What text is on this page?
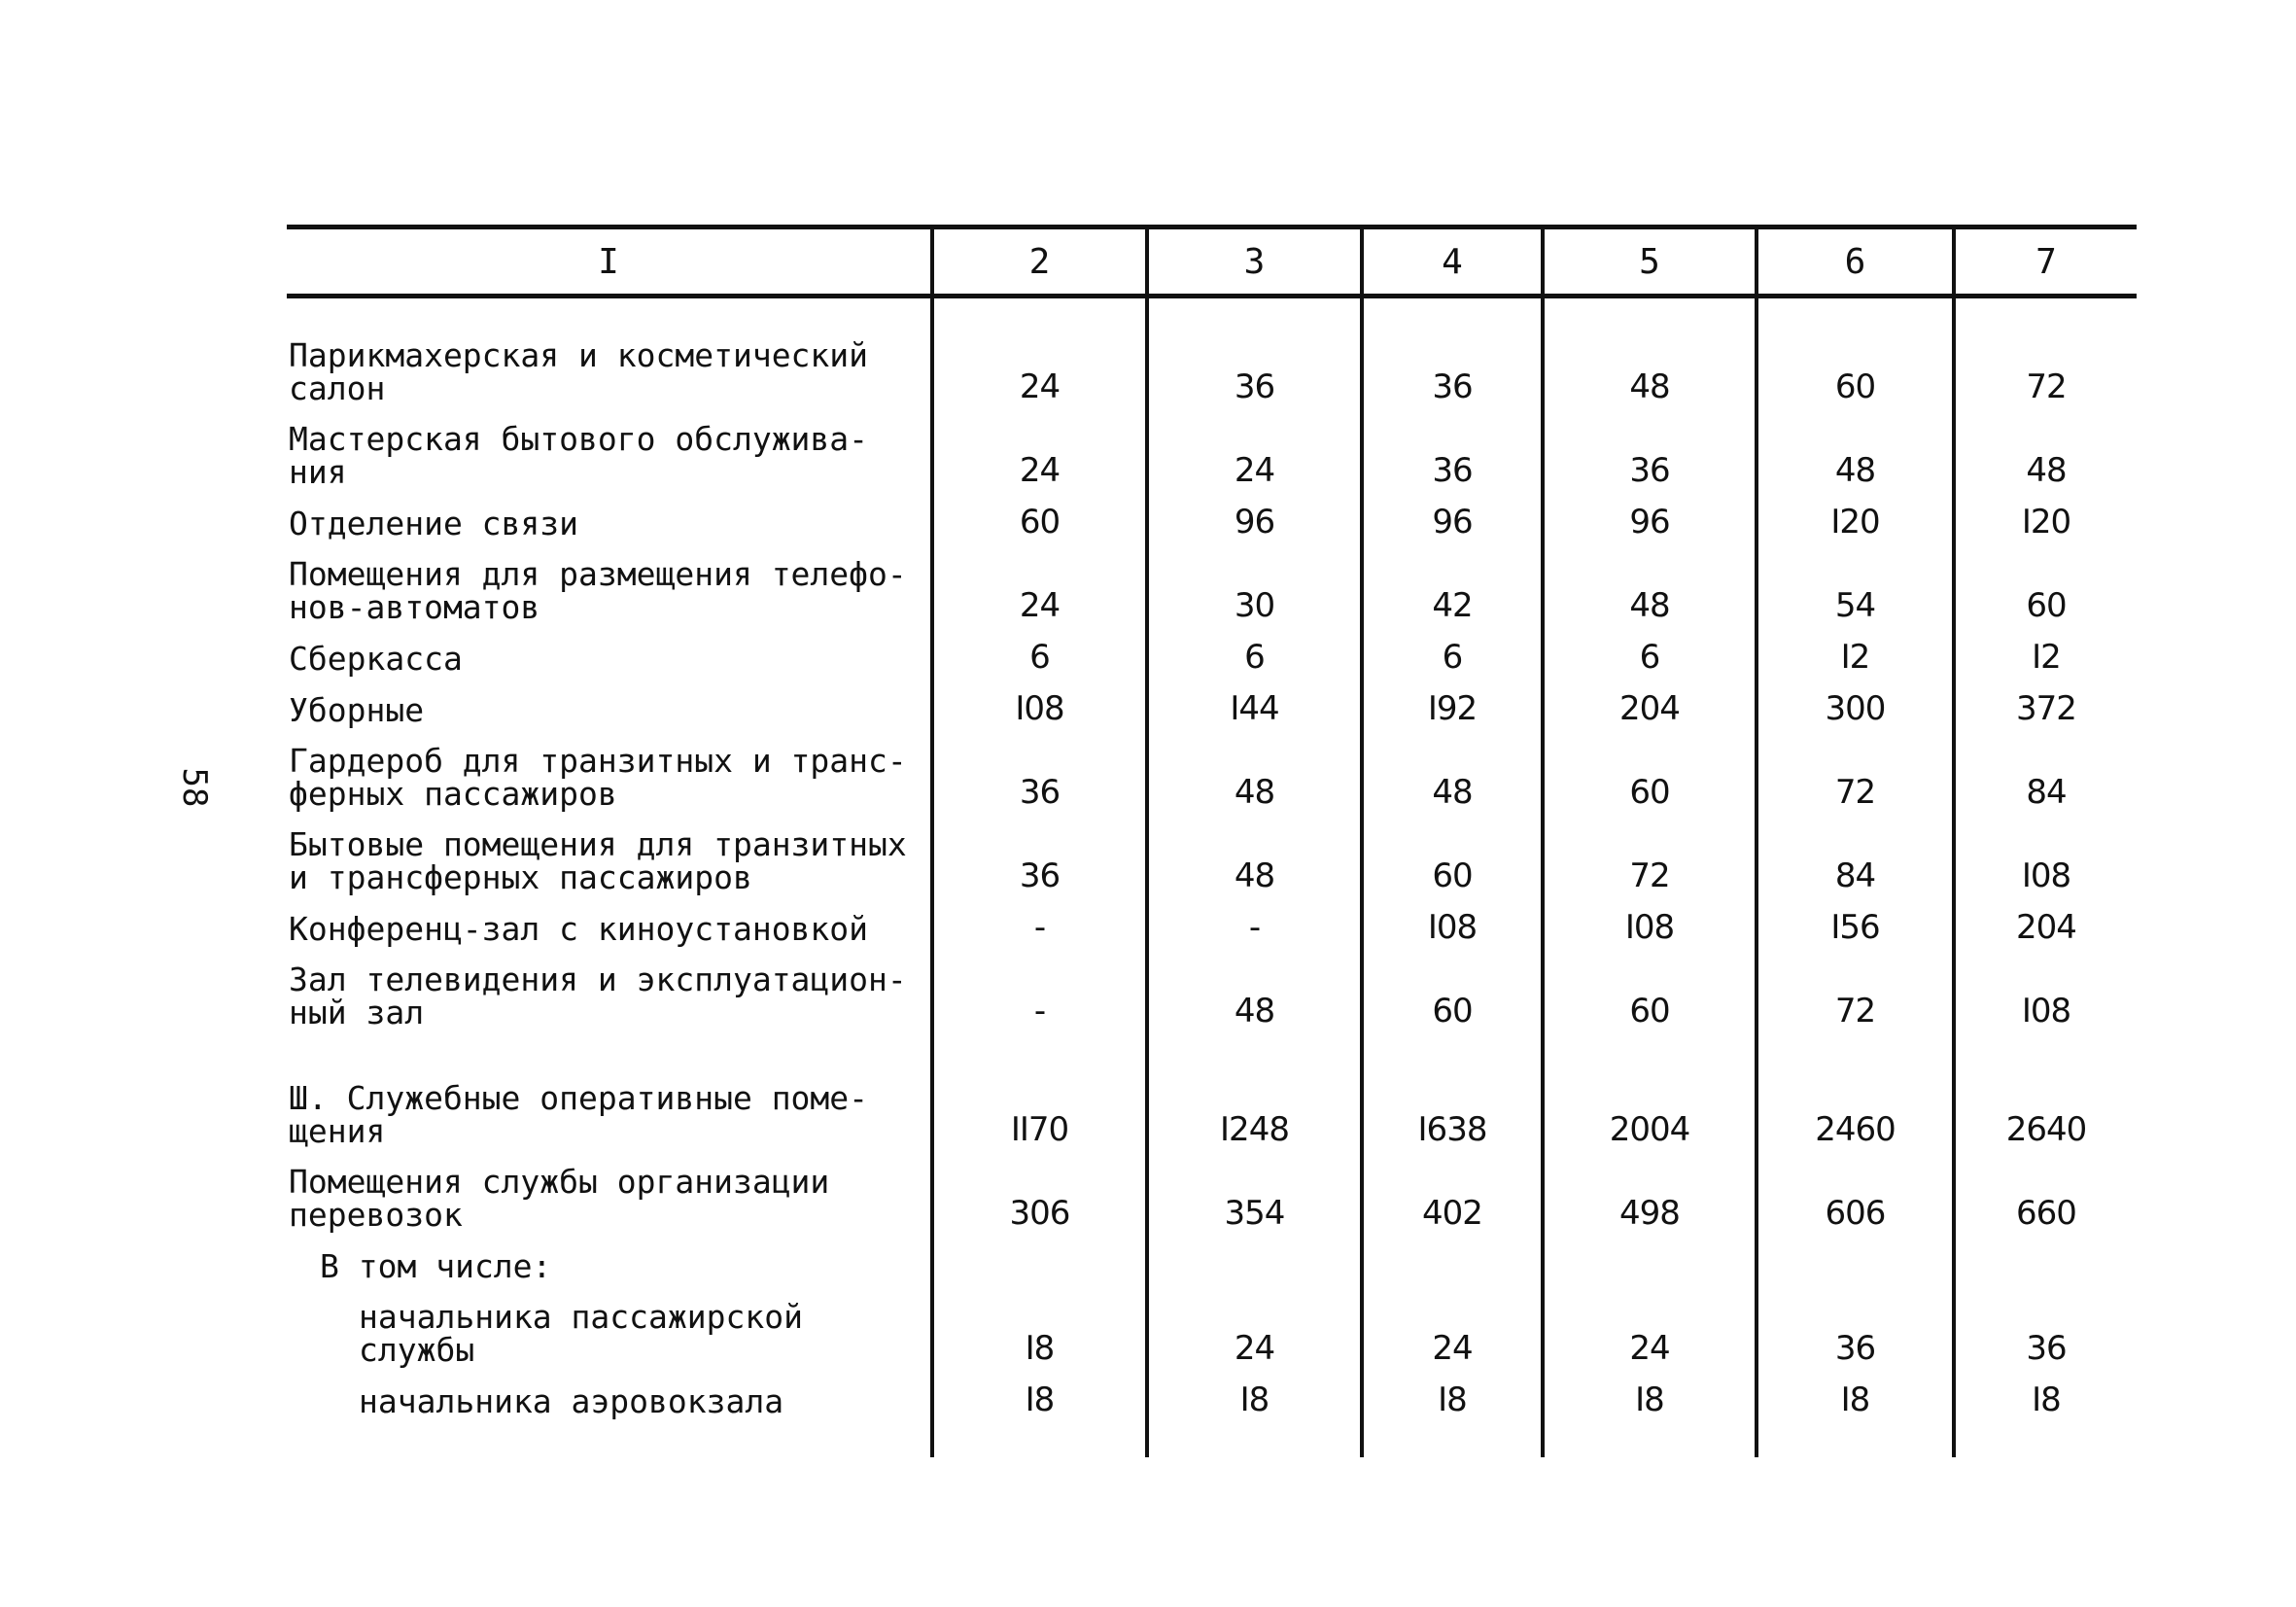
58
I	2	3	4	5	6	7
Парикмахерская и косметический
салон	24	36	36	48	60	72
Мастерская бытового обслужива-
ния	24	24	36	36	48	48
Отделение связи	60	96	96	96	I20	I20
Помещения для размещения телефо-
нов-автоматов	24	30	42	48	54	60
Сберкасса	6	6	6	6	I2	I2
Уборные	I08	I44	I92	204	300	372
Гардероб для транзитных и транс-
ферных пассажиров	36	48	48	60	72	84
Бытовые помещения для транзитных
и трансферных пассажиров	36	48	60	72	84	I08
Конференц-зал с киноустановкой	-	-	I08	I08	I56	204
Зал телевидения и эксплуатацион-
ный зал	-	48	60	60	72	I08

Ш. Служебные оперативные поме-
щения	II70	I248	I638	2004	2460	2640
Помещения службы организации
перевозок	306	354	402	498	606	660
В том числе:						
начальника пассажирской
службы	I8	24	24	24	36	36
начальника аэровокзала	I8	I8	I8	I8	I8	I8
